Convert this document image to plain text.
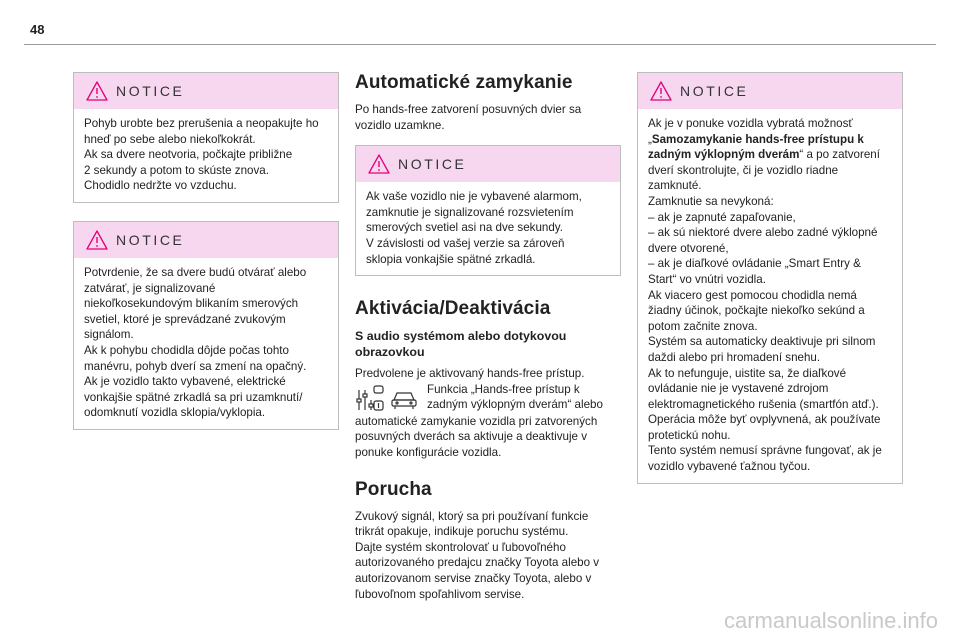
48
NOTICE

Pohyb urobte bez prerušenia a neopakujte ho

hneď po sebe alebo niekoľkokrát.

Ak sa dvere neotvoria, počkajte približne

2 sekundy a potom to skúste znova.

Chodidlo nedržte vo vzduchu.

NOTICE

Potvrdenie, že sa dvere budú otvárať alebo

zatvárať, je signalizované

niekoľkosekundovým blikaním smerových

svetiel, ktoré je sprevádzané zvukovým

signálom.

Ak k pohybu chodidla dôjde počas tohto

manévru, pohyb dverí sa zmení na opačný.

Ak je vozidlo takto vybavené, elektrické

vonkajšie spätné zrkadlá sa pri uzamknutí/

odomknutí vozidla sklopia/vyklopia.

Automatické zamykanie

Po hands-free zatvorení posuvných dvier sa

vozidlo uzamkne.

NOTICE

Ak vaše vozidlo nie je vybavené alarmom,

zamknutie je signalizované rozsvietením

smerových svetiel asi na dve sekundy.

V závislosti od vašej verzie sa zároveň

sklopia vonkajšie spätné zrkadlá.

Aktivácia/Deaktivácia
S audio systémom alebo dotykovou
obrazovkou

Predvolene je aktivovaný hands-free prístup.

Funkcia „Hands-free prístup k

zadným výklopným dverám“ alebo

automatické zamykanie vozidla pri zatvorených

posuvných dverách sa aktivuje a deaktivuje v

ponuke konfigurácie vozidla.

Porucha

Zvukový signál, ktorý sa pri používaní funkcie

trikrát opakuje, indikuje poruchu systému.

Dajte systém skontrolovať u ľubovoľného

autorizovaného predajcu značky Toyota alebo v

autorizovanom servise značky Toyota, alebo v

ľubovoľnom spoľahlivom servise.

NOTICE

Ak je v ponuke vozidla vybratá možnosť

„Samozamykanie hands-free prístupu k

zadným výklopným dverám“ a po zatvorení

dverí skontrolujte, či je vozidlo riadne

zamknuté.

Zamknutie sa nevykoná:

– ak je zapnuté zapaľovanie,

– ak sú niektoré dvere alebo zadné výklopné

dvere otvorené,

– ak je diaľkové ovládanie „Smart Entry &

Start“ vo vnútri vozidla.

Ak viacero gest pomocou chodidla nemá

žiadny účinok, počkajte niekoľko sekúnd a

potom začnite znova.

Systém sa automaticky deaktivuje pri silnom

daždi alebo pri hromadení snehu.

Ak to nefunguje, uistite sa, že diaľkové

ovládanie nie je vystavené zdrojom

elektromagnetického rušenia (smartfón atď.).

Operácia môže byť ovplyvnená, ak používate

protetickú nohu.

Tento systém nemusí správne fungovať, ak je

vozidlo vybavené ťažnou tyčou.

carmanualsonline.info
